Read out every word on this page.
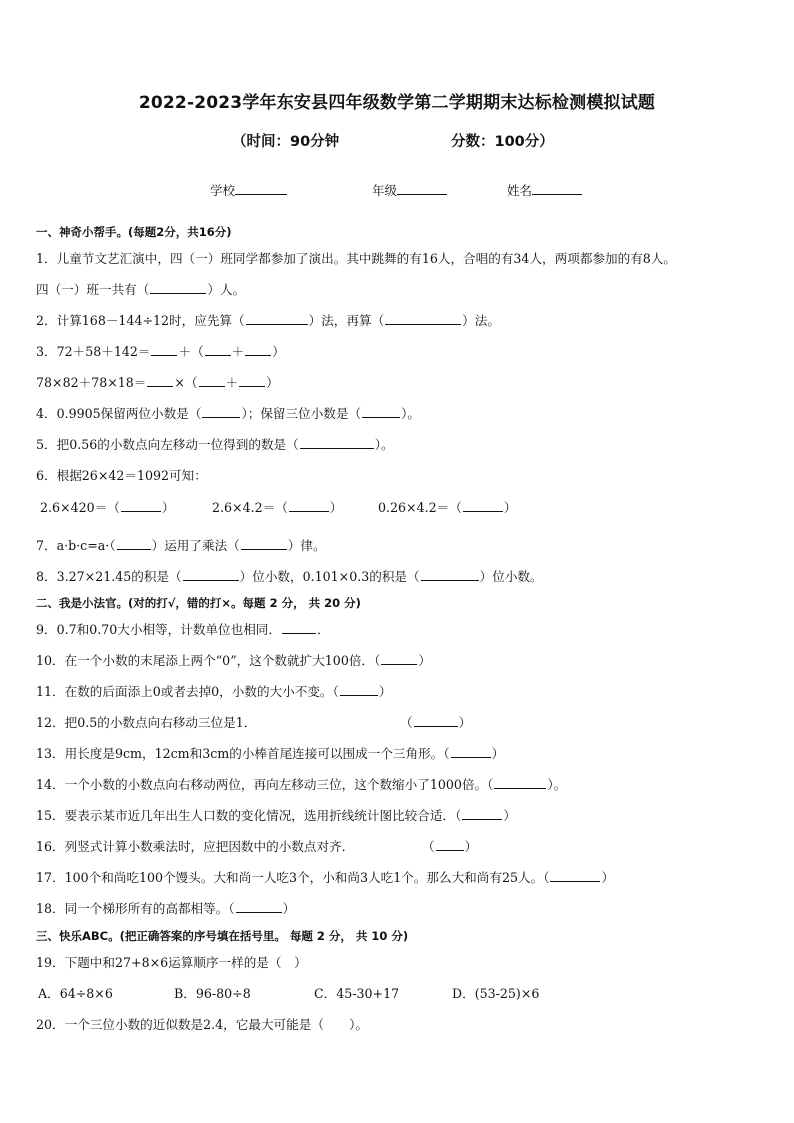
2022-2023学年东安县四年级数学第二学期期末达标检测模拟试题
（时间：90分钟	分数：100分）
学校	年级	姓名
一、神奇小帮手。(每题2分，共16分)
1．儿童节文艺汇演中，四（一）班同学都参加了演出。其中跳舞的有16人，合唱的有34人，两项都参加的有8人。
四（一）班一共有（	）人。
2．计算168－144÷12时，应先算（	）法，再算（	）法。
3．72＋58＋142＝ ＋（ ＋ ）
78×82＋78×18＝ ×（ ＋ ）
4．0.9905保留两位小数是（	）；保留三位小数是（	）。
5．把0.56的小数点向左移动一位得到的数是（	）。
6．根据26×42＝1092可知：
2.6×420＝（	）	2.6×4.2＝（	）	0.26×4.2＝（	）
7．a·b·c=a·（	）运用了乘法（	）律。
8．3.27×21.45的积是（	）位小数，0.101×0.3的积是（	）位小数。
二、我是小法官。(对的打√，错的打×。每题 2 分， 共 20 分)
9．0.7和0.70大小相等，计数单位也相同．	．
10．在一个小数的末尾添上两个“0”，这个数就扩大100倍．（	）
11．在数的后面添上0或者去掉0，小数的大小不变。（	）
12．把0.5的小数点向右移动三位是1．	（	）
13．用长度是9cm，12cm和3cm的小棒首尾连接可以围成一个三角形。（	）
14．一个小数的小数点向右移动两位，再向左移动三位，这个数缩小了1000倍。（	）。
15．要表示某市近几年出生人口数的变化情况，选用折线统计图比较合适．（	）
16．列竖式计算小数乘法时，应把因数中的小数点对齐．	（ ）
17．100个和尚吃100个馒头。大和尚一人吃3个，小和尚3人吃1个。那么大和尚有25人。（	）
18．同一个梯形所有的高都相等。（	）
三、快乐ABC。(把正确答案的序号填在括号里。 每题 2 分， 共 10 分)
19．下题中和27+8×6运算顺序一样的是（　）
A．64÷8×6	B．96-80÷8	C．45-30+17	D．(53-25)×6
20．一个三位小数的近似数是2.4，它最大可能是（　　）。
